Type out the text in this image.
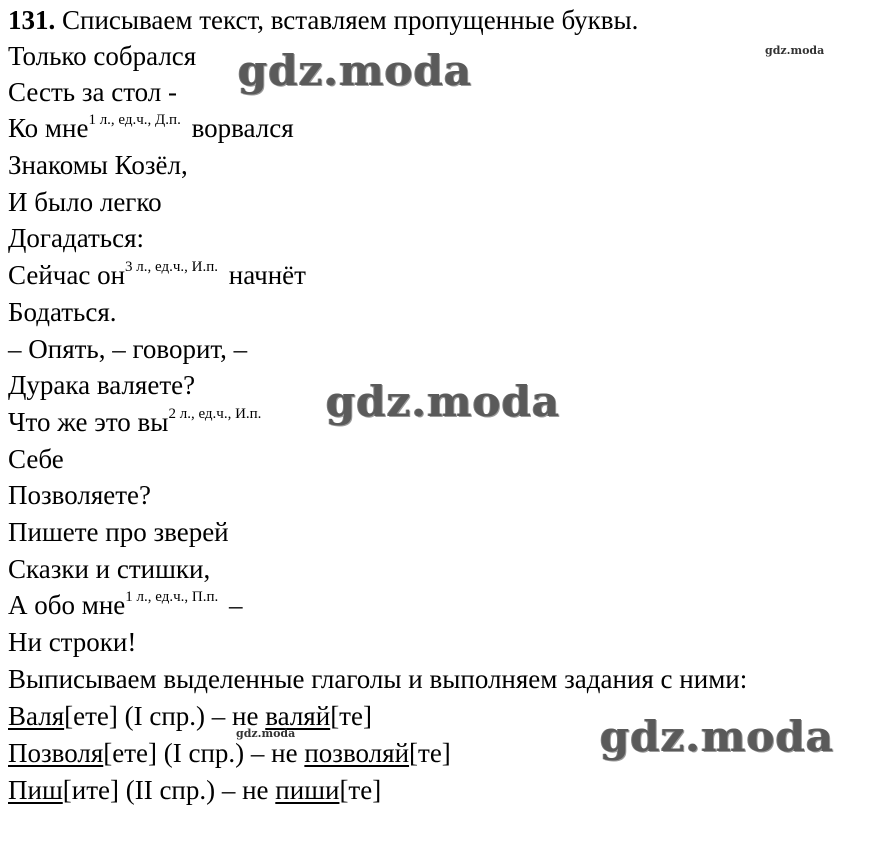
131. Списываем текст, вставляем пропущенные буквы.
Только собрался
Сесть за стол -
Ко мне$^{1 л., ед.ч., Д.п.}$ ворвался
Знакомы Козёл,
И было легко
Догадаться:
Сейчас $он^{3 л., ед.ч., И.п.}$ начнёт
Бодаться.
– Опять, – говорит, –
Дурака валяете?
Что же это $вы^{2 л., ед.ч., И.п.}$
Себе
Позволяете?
Пишете про зверей
Сказки и стишки,
А обо мне$^{1 л., ед.ч., П.п.}$ –
Ни строки!
Выписываем выделенные глаголы и выполняем задания с ними:
Валя[ете] (I спр.) – не валяй[те]
Позволя[ете] (I спр.) – не позволяй[те]
Пиш[ите] (II спр.) – не пиши[те]
gdz.moda
gdz.moda
gdz.moda
gdz.moda
gdz.moda
